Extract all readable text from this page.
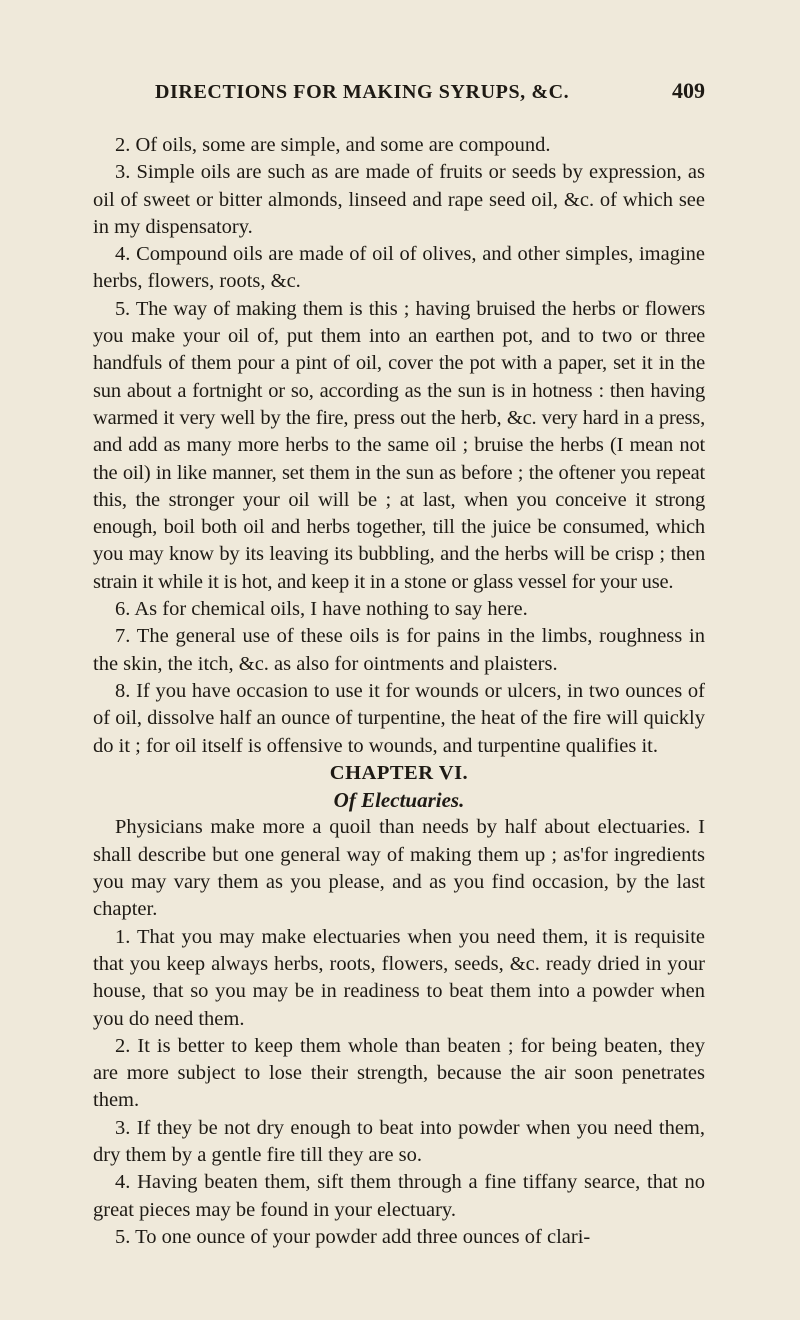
DIRECTIONS FOR MAKING SYRUPS, &C.	409

2. Of oils, some are simple, and some are compound.

3. Simple oils are such as are made of fruits or seeds by expression, as oil of sweet or bitter almonds, linseed and rape seed oil, &c. of which see in my dispensatory.

4. Compound oils are made of oil of olives, and other simples, imagine herbs, flowers, roots, &c.

5. The way of making them is this ; having bruised the herbs or flowers you make your oil of, put them into an earthen pot, and to two or three handfuls of them pour a pint of oil, cover the pot with a paper, set it in the sun about a fortnight or so, according as the sun is in hotness : then having warmed it very well by the fire, press out the herb, &c. very hard in a press, and add as many more herbs to the same oil ; bruise the herbs (I mean not the oil) in like manner, set them in the sun as before ; the oftener you repeat this, the stronger your oil will be ; at last, when you conceive it strong enough, boil both oil and herbs together, till the juice be consumed, which you may know by its leaving its bubbling, and the herbs will be crisp ; then strain it while it is hot, and keep it in a stone or glass vessel for your use.

6. As for chemical oils, I have nothing to say here.

7. The general use of these oils is for pains in the limbs, roughness in the skin, the itch, &c. as also for ointments and plaisters.

8. If you have occasion to use it for wounds or ulcers, in two ounces of of oil, dissolve half an ounce of turpentine, the heat of the fire will quickly do it ; for oil itself is offensive to wounds, and turpentine qualifies it.

CHAPTER VI.
Of Electuaries.

Physicians make more a quoil than needs by half about electuaries. I shall describe but one general way of making them up ; as'for ingredients you may vary them as you please, and as you find occasion, by the last chapter.

1. That you may make electuaries when you need them, it is requisite that you keep always herbs, roots, flowers, seeds, &c. ready dried in your house, that so you may be in readiness to beat them into a powder when you do need them.

2. It is better to keep them whole than beaten ; for being beaten, they are more subject to lose their strength, because the air soon penetrates them.

3. If they be not dry enough to beat into powder when you need them, dry them by a gentle fire till they are so.

4. Having beaten them, sift them through a fine tiffany searce, that no great pieces may be found in your electuary.

5. To one ounce of your powder add three ounces of clari-
